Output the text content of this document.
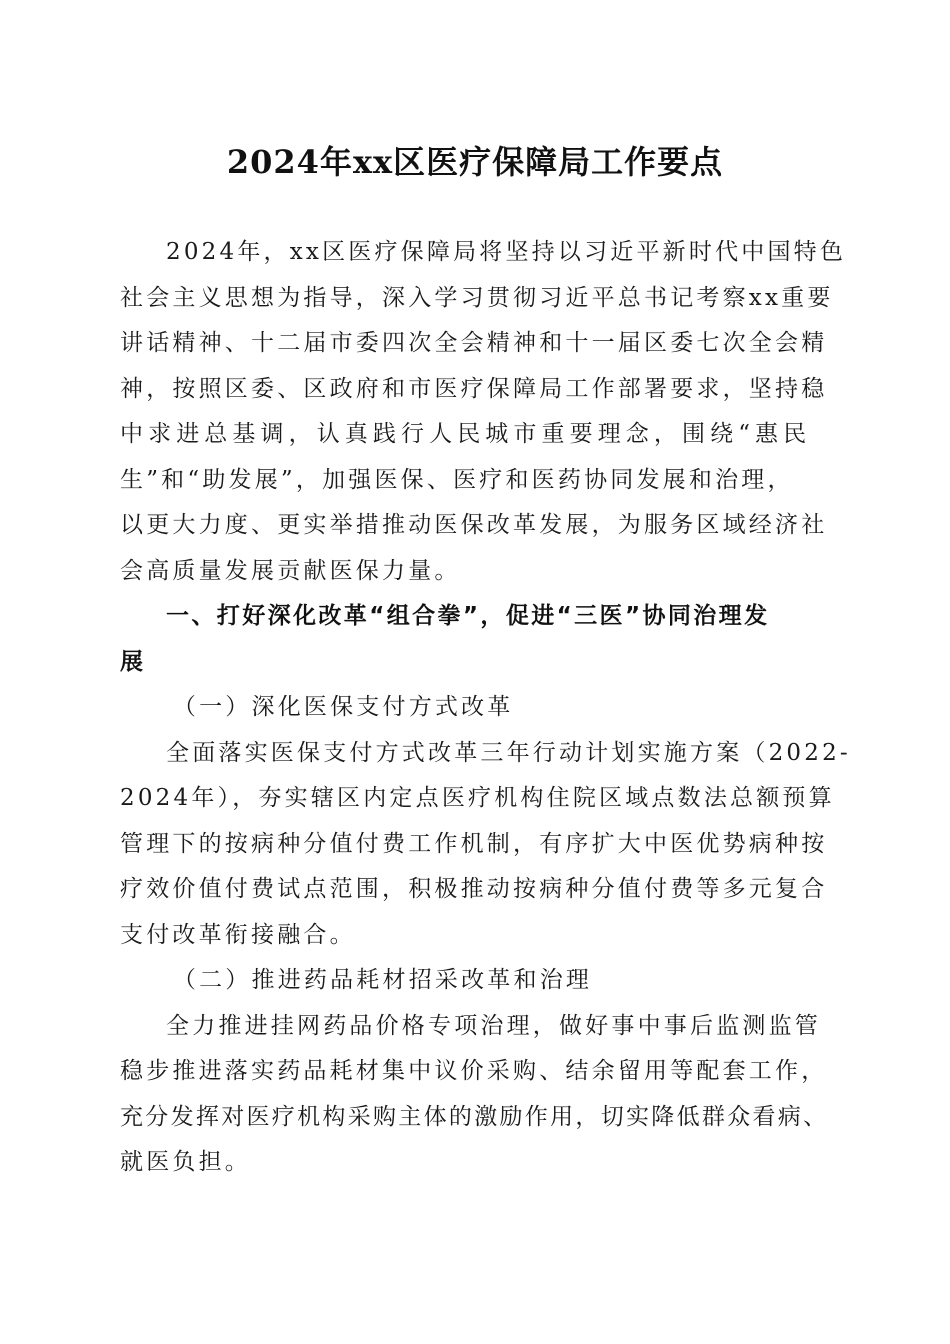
2024年xx区医疗保障局工作要点

2024年，xx区医疗保障局将坚持以习近平新时代中国特色
社会主义思想为指导，深入学习贯彻习近平总书记考察xx重要
讲话精神、十二届市委四次全会精神和十一届区委七次全会精
神，按照区委、区政府和市医疗保障局工作部署要求，坚持稳
中求进总基调，认真践行人民城市重要理念，围绕“惠民
生”和“助发展”，加强医保、医疗和医药协同发展和治理，
以更大力度、更实举措推动医保改革发展，为服务区域经济社
会高质量发展贡献医保力量。

一、打好深化改革“组合拳”，促进“三医”协同治理发
展

（一）深化医保支付方式改革

全面落实医保支付方式改革三年行动计划实施方案（2022-
2024年），夯实辖区内定点医疗机构住院区域点数法总额预算
管理下的按病种分值付费工作机制，有序扩大中医优势病种按
疗效价值付费试点范围，积极推动按病种分值付费等多元复合
支付改革衔接融合。

（二）推进药品耗材招采改革和治理

全力推进挂网药品价格专项治理，做好事中事后监测监管
稳步推进落实药品耗材集中议价采购、结余留用等配套工作，
充分发挥对医疗机构采购主体的激励作用，切实降低群众看病、
就医负担。
